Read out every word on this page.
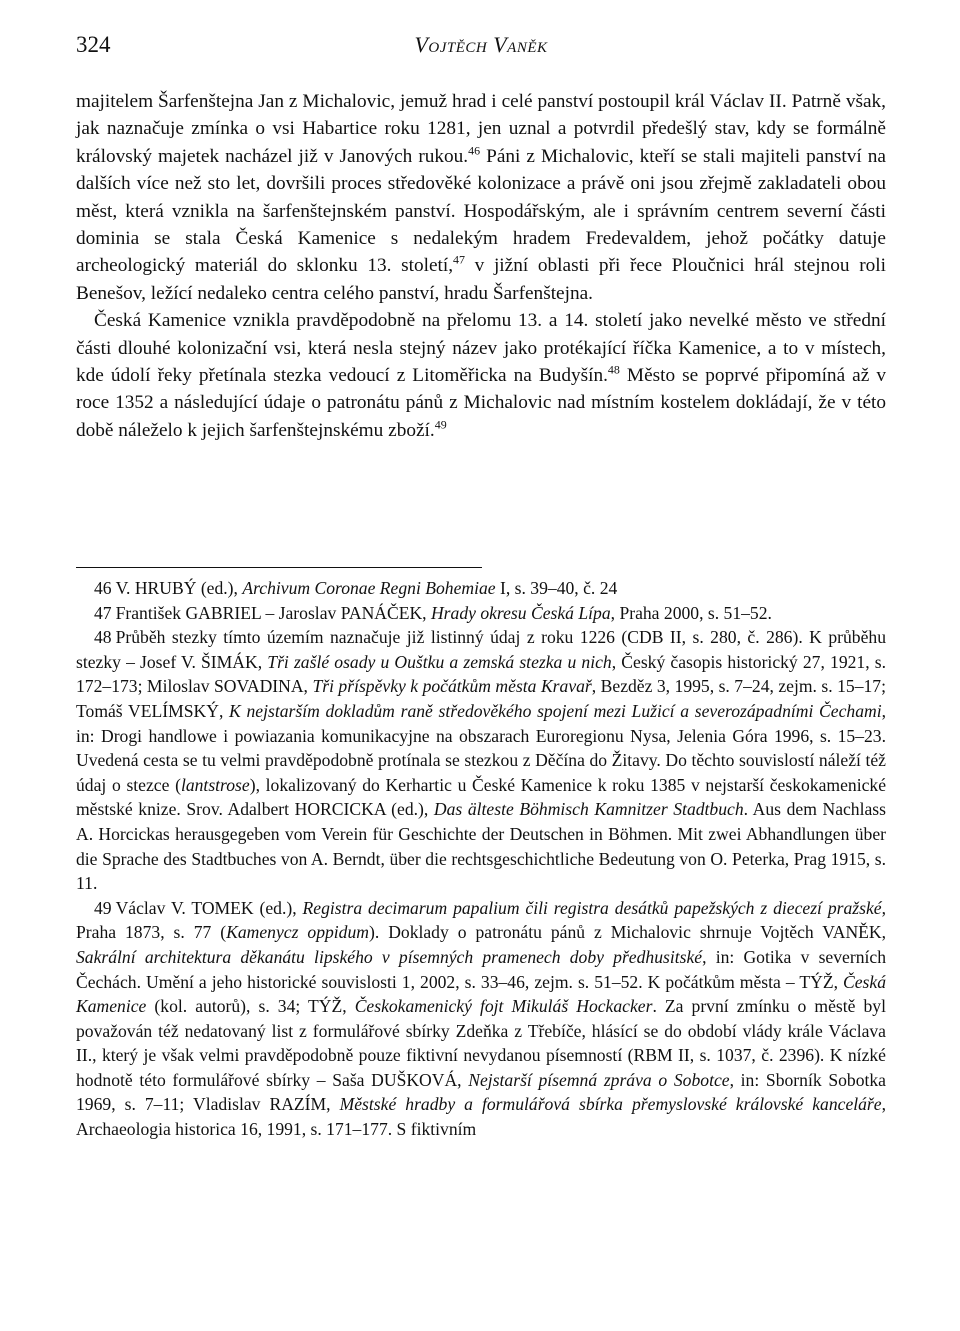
324	Vojtěch Vaněk

majitelem Šarfenštejna Jan z Michalovic, jemuž hrad i celé panství postoupil král Václav II. Patrně však, jak naznačuje zmínka o vsi Habartice roku 1281, jen uznal a potvrdil předešlý stav, kdy se formálně královský majetek nacházel již v Janových rukou.$^{46}$ Páni z Michalovic, kteří se stali majiteli panství na dalších více než sto let, dovršili proces středověké kolonizace a právě oni jsou zřejmě zakladateli obou měst, která vznikla na šarfenštejnském panství. Hospodářským, ale i správním centrem severní části dominia se stala Česká Kamenice s nedalekým hradem Fredevaldem, jehož počátky datuje archeologický materiál do sklonku 13. století,$^{47}$ v jižní oblasti při řece Ploučnici hrál stejnou roli Benešov, ležící nedaleko centra celého panství, hradu Šarfenštejna.

Česká Kamenice vznikla pravděpodobně na přelomu 13. a 14. století jako nevelké město ve střední části dlouhé kolonizační vsi, která nesla stejný název jako protékající říčka Kamenice, a to v místech, kde údolí řeky přetínala stezka vedoucí z Litoměřicka na Budyšín.$^{48}$ Město se poprvé připomíná až v roce 1352 a následující údaje o patronátu pánů z Michalovic nad místním kostelem dokládají, že v této době náleželo k jejich šarfenštejnskému zboží.$^{49}$

46 V. HRUBÝ (ed.), Archivum Coronae Regni Bohemiae I, s. 39–40, č. 24

47 František GABRIEL – Jaroslav PANÁČEK, Hrady okresu Česká Lípa, Praha 2000, s. 51–52.

48 Průběh stezky tímto územím naznačuje již listinný údaj z roku 1226 (CDB II, s. 280, č. 286). K průběhu stezky – Josef V. ŠIMÁK, Tři zašlé osady u Ouštku a zemská stezka u nich, Český časopis historický 27, 1921, s. 172–173; Miloslav SOVADINA, Tři příspěvky k počátkům města Kravař, Bezděz 3, 1995, s. 7–24, zejm. s. 15–17; Tomáš VELÍMSKÝ, K nejstarším dokladům raně středověkého spojení mezi Lužicí a severozápadními Čechami, in: Drogi handlowe i powiazania komunikacyjne na obszarach Euroregionu Nysa, Jelenia Góra 1996, s. 15–23. Uvedená cesta se tu velmi pravděpodobně protínala se stezkou z Děčína do Žitavy. Do těchto souvislostí náleží též údaj o stezce (lantstrose), lokalizovaný do Kerhartic u České Kamenice k roku 1385 v nejstarší českokamenické městské knize. Srov. Adalbert HORCICKA (ed.), Das älteste Böhmisch Kamnitzer Stadtbuch. Aus dem Nachlass A. Horcickas herausgegeben vom Verein für Geschichte der Deutschen in Böhmen. Mit zwei Abhandlungen über die Sprache des Stadtbuches von A. Berndt, über die rechtsgeschichtliche Bedeutung von O. Peterka, Prag 1915, s. 11.

49 Václav V. TOMEK (ed.), Registra decimarum papalium čili registra desátků papežských z diecezí pražské, Praha 1873, s. 77 (Kamenycz oppidum). Doklady o patronátu pánů z Michalovic shrnuje Vojtěch VANĚK, Sakrální architektura děkanátu lipského v písemných pramenech doby předhusitské, in: Gotika v severních Čechách. Umění a jeho historické souvislosti 1, 2002, s. 33–46, zejm. s. 51–52. K počátkům města – TÝŽ, Česká Kamenice (kol. autorů), s. 34; TÝŽ, Českokamenický fojt Mikuláš Hockacker. Za první zmínku o městě byl považován též nedatovaný list z formulářové sbírky Zdeňka z Třebíče, hlásící se do období vlády krále Václava II., který je však velmi pravděpodobně pouze fiktivní nevydanou písemností (RBM II, s. 1037, č. 2396). K nízké hodnotě této formulářové sbírky – Saša DUŠKOVÁ, Nejstarší písemná zpráva o Sobotce, in: Sborník Sobotka 1969, s. 7–11; Vladislav RAZÍM, Městské hradby a formulářová sbírka přemyslovské královské kanceláře, Archaeologia historica 16, 1991, s. 171–177. S fiktivním
